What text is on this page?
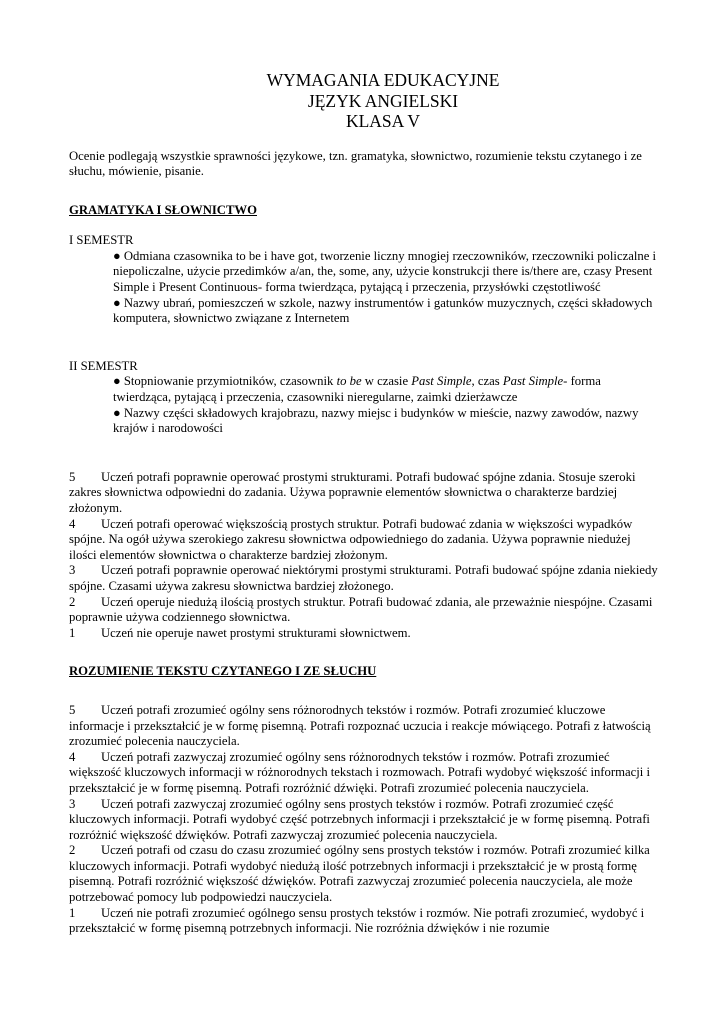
WYMAGANIA EDUKACYJNE

JĘZYK ANGIELSKI

KLASA V

Ocenie podlegają wszystkie sprawności językowe, tzn. gramatyka, słownictwo, rozumienie tekstu czytanego i ze słuchu, mówienie, pisanie.

GRAMATYKA I SŁOWNICTWO

I SEMESTR

● Odmiana czasownika to be i have got, tworzenie liczny mnogiej rzeczowników, rzeczowniki policzalne i niepoliczalne, użycie przedimków a/an, the, some, any, użycie konstrukcji there is/there are, czasy Present Simple i Present Continuous- forma twierdząca, pytającą i przeczenia, przysłówki częstotliwość

● Nazwy ubrań, pomieszczeń w szkole, nazwy instrumentów i gatunków muzycznych, części składowych komputera, słownictwo związane z Internetem

II SEMESTR

● Stopniowanie przymiotników, czasownik to be w czasie Past Simple, czas Past Simple- forma twierdząca, pytającą i przeczenia, czasowniki nieregularne, zaimki dzierżawcze

● Nazwy części składowych krajobrazu, nazwy miejsc i budynków w mieście, nazwy zawodów, nazwy krajów i narodowości

5 Uczeń potrafi poprawnie operować prostymi strukturami. Potrafi budować spójne zdania. Stosuje szeroki zakres słownictwa odpowiedni do zadania. Używa poprawnie elementów słownictwa o charakterze bardziej złożonym.

4 Uczeń potrafi operować większością prostych struktur. Potrafi budować zdania w większości wypadków spójne. Na ogół używa szerokiego zakresu słownictwa odpowiedniego do zadania. Używa poprawnie niedużej ilości elementów słownictwa o charakterze bardziej złożonym.

3 Uczeń potrafi poprawnie operować niektórymi prostymi strukturami. Potrafi budować spójne zdania niekiedy spójne. Czasami używa zakresu słownictwa bardziej złożonego.

2 Uczeń operuje niedużą ilością prostych struktur. Potrafi budować zdania, ale przeważnie niespójne. Czasami poprawnie używa codziennego słownictwa.

1 Uczeń nie operuje nawet prostymi strukturami słownictwem.

ROZUMIENIE TEKSTU CZYTANEGO I ZE SŁUCHU

5 Uczeń potrafi zrozumieć ogólny sens różnorodnych tekstów i rozmów. Potrafi zrozumieć kluczowe informacje i przekształcić je w formę pisemną. Potrafi rozpoznać uczucia i reakcje mówiącego. Potrafi z łatwością zrozumieć polecenia nauczyciela.

4 Uczeń potrafi zazwyczaj zrozumieć ogólny sens różnorodnych tekstów i rozmów. Potrafi zrozumieć większość kluczowych informacji w różnorodnych tekstach i rozmowach. Potrafi wydobyć większość informacji i przekształcić je w formę pisemną. Potrafi rozróżnić dźwięki. Potrafi zrozumieć polecenia nauczyciela.

3 Uczeń potrafi zazwyczaj zrozumieć ogólny sens prostych tekstów i rozmów. Potrafi zrozumieć część kluczowych informacji. Potrafi wydobyć część potrzebnych informacji i przekształcić je w formę pisemną. Potrafi rozróżnić większość dźwięków. Potrafi zazwyczaj zrozumieć polecenia nauczyciela.

2 Uczeń potrafi od czasu do czasu zrozumieć ogólny sens prostych tekstów i rozmów. Potrafi zrozumieć kilka kluczowych informacji. Potrafi wydobyć niedużą ilość potrzebnych informacji i przekształcić je w prostą formę pisemną. Potrafi rozróżnić większość dźwięków. Potrafi zazwyczaj zrozumieć polecenia nauczyciela, ale może potrzebować pomocy lub podpowiedzi nauczyciela.

1 Uczeń nie potrafi zrozumieć ogólnego sensu prostych tekstów i rozmów. Nie potrafi zrozumieć, wydobyć i przekształcić w formę pisemną potrzebnych informacji. Nie rozróżnia dźwięków i nie rozumie
